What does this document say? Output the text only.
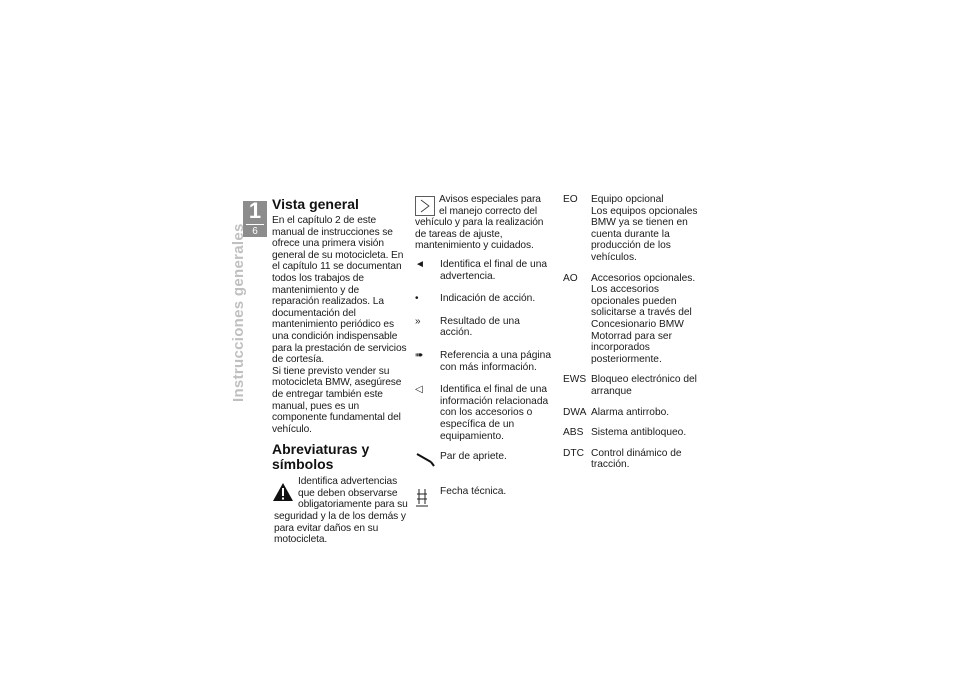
1
6
Instrucciones generales
Vista general

En el capítulo 2 de este manual de instrucciones se ofrece una primera visión general de su motocicleta. En el capítulo 11 se documentan todos los trabajos de mantenimiento y de reparación realizados. La documentación del mantenimiento periódico es una condición indispensable para la prestación de servicios de cortesía.

Si tiene previsto vender su motocicleta BMW, asegúrese de entregar también este manual, pues es un componente fundamental del vehículo.

Abreviaturas y símbolos

Identifica advertencias que deben observarse obligatoriamente para su seguridad y la de los demás y para evitar daños en su motocicleta.

Avisos especiales para el manejo correcto del vehículo y para la realización de tareas de ajuste, mantenimiento y cuidados.

◄	Identifica el final de una advertencia.
•	Indicación de acción.
»	Resultado de una acción.
➠	Referencia a una página con más información.
◁	Identifica el final de una información relacionada con los accesorios o específica de un equipamiento.
Par de apriete.
Fecha técnica.
EO	Equipo opcional
Los equipos opcionales BMW ya se tienen en cuenta durante la producción de los vehículos.
AO	Accesorios opcionales.
Los accesorios opcionales pueden solicitarse a través del Concesionario BMW Motorrad para ser incorporados posteriormente.
EWS Bloqueo electrónico del arranque
DWA Alarma antirrobo.
ABS Sistema antibloqueo.
DTC Control dinámico de tracción.
